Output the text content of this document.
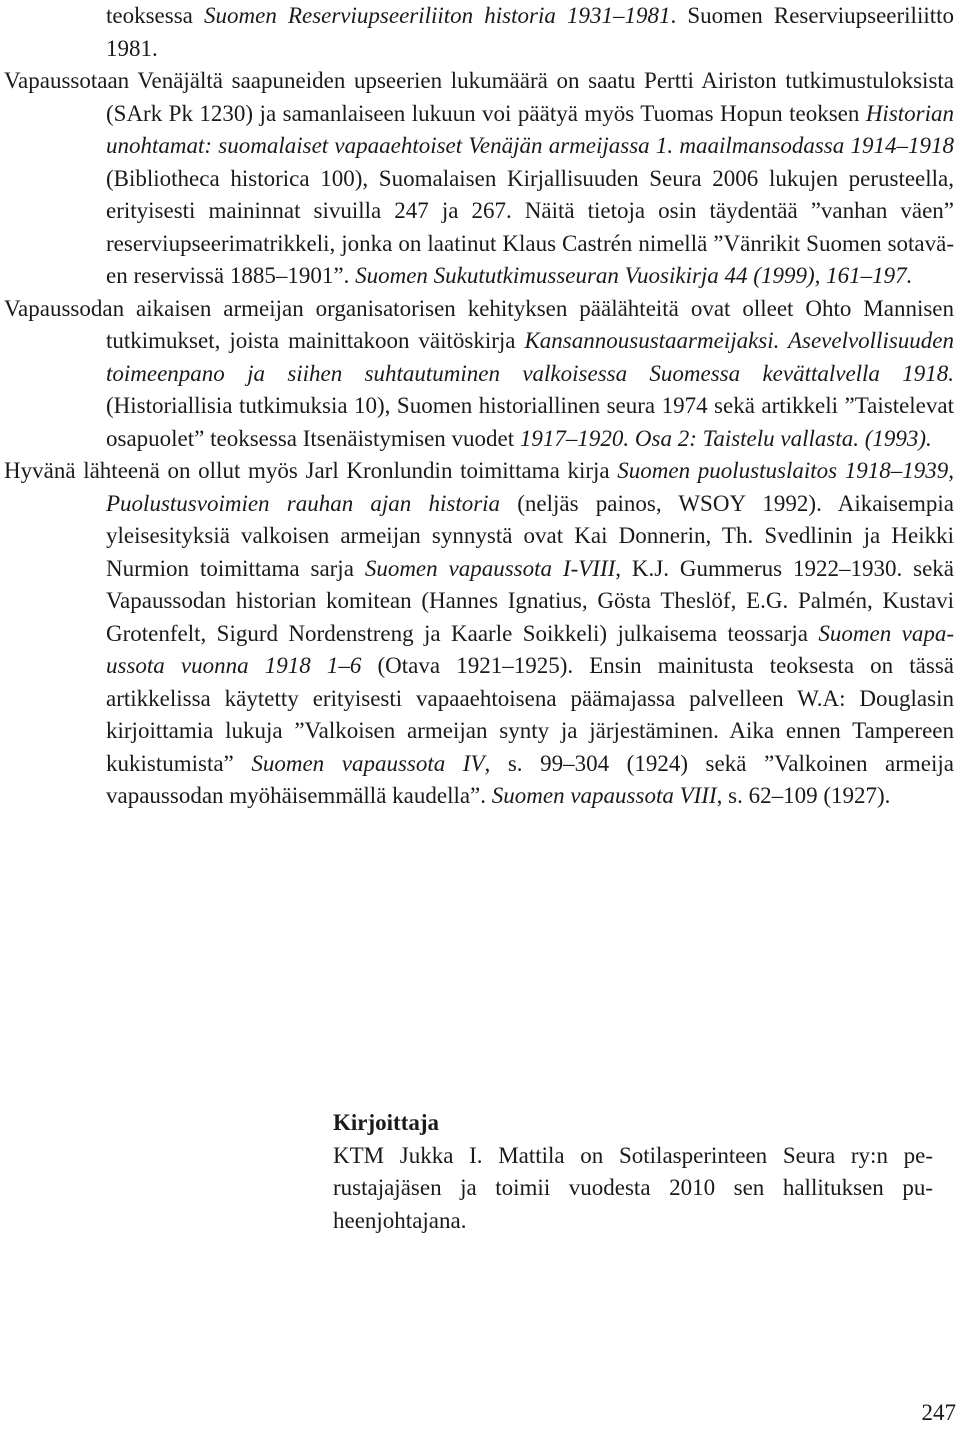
teoksessa Suomen Reserviupseeriliiton historia 1931–1981. Suomen Reserviupseeriliitto 1981.

Vapaussotaan Venäjältä saapuneiden upseerien lukumäärä on saatu Pertti Airiston tutkimustuloksista (SArk Pk 1230) ja samanlaiseen lukuun voi päätyä myös Tuomas Hopun teoksen Historian unohtamat: suomalaiset vapaaehtoiset Venäjän armeijassa 1. maailmansodassa 1914–1918 (Bibliotheca historica 100), Suomalaisen Kirjallisuuden Seura 2006 lukujen perusteella, erityisesti maininnat sivuilla 247 ja 267. Näitä tietoja osin täydentää ”vanhan väen” reserviupseerimatrikkeli, jonka on laatinut Klaus Castrén nimellä ”Vänrikit Suomen sotaväen reservissä 1885–1901”. Suomen Sukututkimusseuran Vuosikirja 44 (1999), 161–197.

Vapaussodan aikaisen armeijan organisatorisen kehityksen päälähteitä ovat olleet Ohto Mannisen tutkimukset, joista mainittakoon väitöskirja Kansannousustaarmeijaksi. Asevelvollisuuden toimeenpano ja siihen suhtautuminen valkoisessa Suomessa kevättalvella 1918.(Historiallisia tutkimuksia 10), Suomen historiallinen seura 1974 sekä artikkeli ”Taistelevat osapuolet” teoksessa Itsenäistymisen vuodet 1917–1920. Osa 2: Taistelu vallasta. (1993).

Hyvänä lähteenä on ollut myös Jarl Kronlundin toimittama kirja Suomen puolustuslaitos 1918–1939, Puolustusvoimien rauhan ajan historia (neljäs painos, WSOY 1992). Aikaisempia yleisesityksiä valkoisen armeijan synnystä ovat Kai Donnerin, Th. Svedlinin ja Heikki Nurmion toimittama sarja Suomen vapaussota I-VIII, K.J. Gummerus 1922–1930. sekä Vapaussodan historian komitean (Hannes Ignatius, Gösta Theslöf, E.G. Palmén, Kustavi Grotenfelt, Sigurd Nordenstreng ja Kaarle Soikkeli) julkaisema teossarja Suomen vapaussota vuonna 1918 1–6 (Otava 1921–1925). Ensin mainitusta teoksesta on tässä artikkelissa käytetty erityisesti vapaaehtoisena päämajassa palvelleen W.A: Douglasin kirjoittamia lukuja ”Valkoisen armeijan synty ja järjestäminen. Aika ennen Tampereen kukistumista” Suomen vapaussota IV, s. 99–304 (1924) sekä ”Valkoinen armeija vapaussodan myöhäisemmällä kaudella”. Suomen vapaussota VIII, s. 62–109 (1927).

Kirjoittaja

KTM Jukka I. Mattila on Sotilasperinteen Seura ry:n perustajajäsen ja toimii vuodesta 2010 sen hallituksen puheenjohtajana.

247
